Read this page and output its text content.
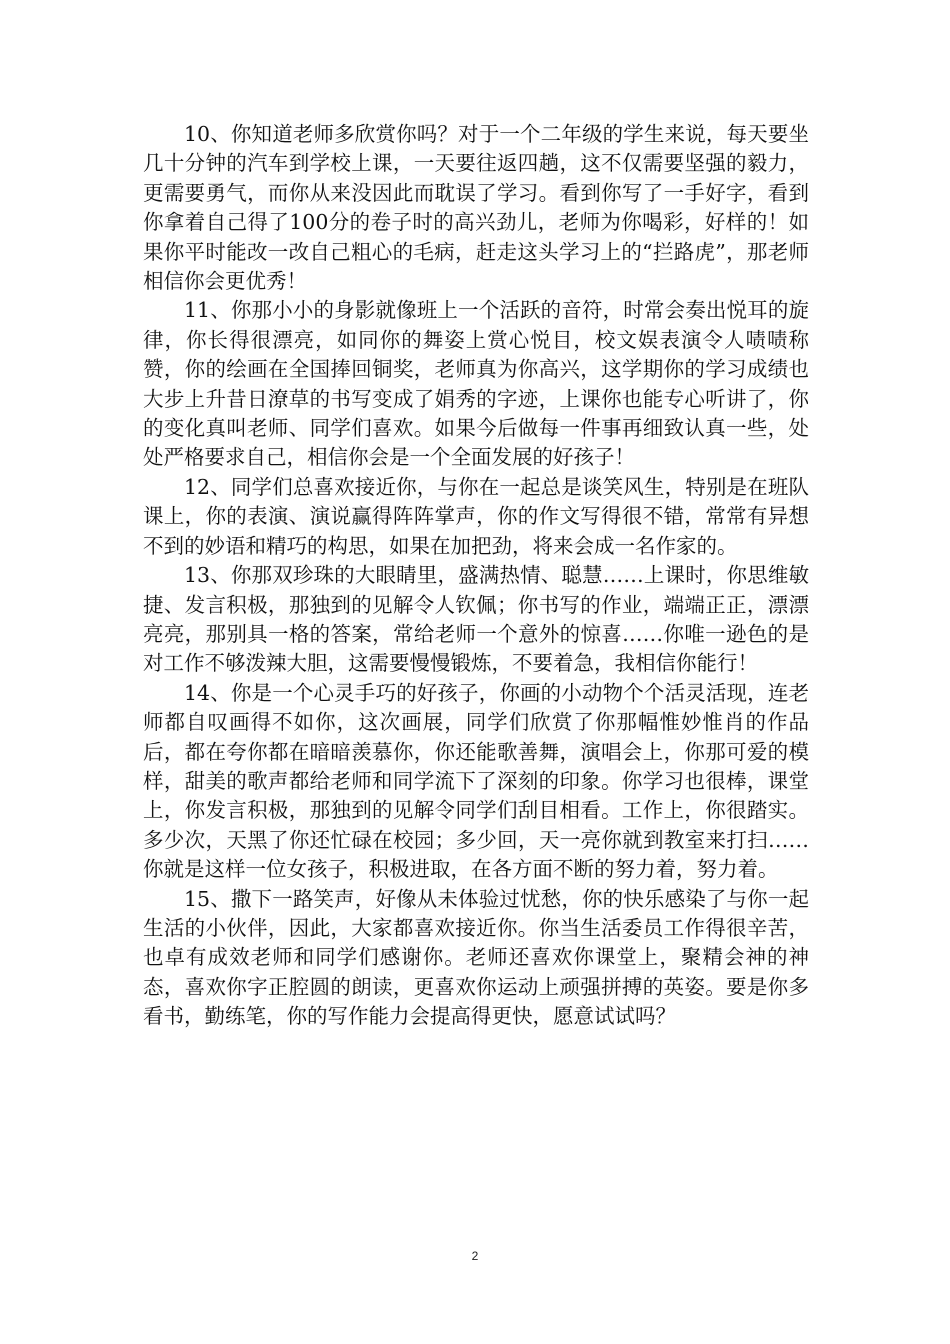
10、你知道老师多欣赏你吗？对于一个二年级的学生来说，每天要坐几十分钟的汽车到学校上课，一天要往返四趟，这不仅需要坚强的毅力，更需要勇气，而你从来没因此而耽误了学习。看到你写了一手好字，看到你拿着自己得了100分的卷子时的高兴劲儿，老师为你喝彩，好样的！如果你平时能改一改自己粗心的毛病，赶走这头学习上的“拦路虎”，那老师相信你会更优秀！

11、你那小小的身影就像班上一个活跃的音符，时常会奏出悦耳的旋律，你长得很漂亮，如同你的舞姿上赏心悦目，校文娱表演令人啧啧称赞，你的绘画在全国捧回铜奖，老师真为你高兴，这学期你的学习成绩也大步上升昔日潦草的书写变成了娟秀的字迹，上课你也能专心听讲了，你的变化真叫老师、同学们喜欢。如果今后做每一件事再细致认真一些，处处严格要求自己，相信你会是一个全面发展的好孩子！

12、同学们总喜欢接近你，与你在一起总是谈笑风生，特别是在班队课上，你的表演、演说赢得阵阵掌声，你的作文写得很不错，常常有异想不到的妙语和精巧的构思，如果在加把劲，将来会成一名作家的。

13、你那双珍珠的大眼睛里，盛满热情、聪慧……上课时，你思维敏捷、发言积极，那独到的见解令人钦佩；你书写的作业，端端正正，漂漂亮亮，那别具一格的答案，常给老师一个意外的惊喜……你唯一逊色的是对工作不够泼辣大胆，这需要慢慢锻炼，不要着急，我相信你能行！

14、你是一个心灵手巧的好孩子，你画的小动物个个活灵活现，连老师都自叹画得不如你，这次画展，同学们欣赏了你那幅惟妙惟肖的作品后，都在夸你都在暗暗羡慕你，你还能歌善舞，演唱会上，你那可爱的模样，甜美的歌声都给老师和同学流下了深刻的印象。你学习也很棒，课堂上，你发言积极，那独到的见解令同学们刮目相看。工作上，你很踏实。多少次，天黑了你还忙碌在校园；多少回，天一亮你就到教室来打扫……你就是这样一位女孩子，积极进取，在各方面不断的努力着，努力着。

15、撒下一路笑声，好像从未体验过忧愁，你的快乐感染了与你一起生活的小伙伴，因此，大家都喜欢接近你。你当生活委员工作得很辛苦，也卓有成效老师和同学们感谢你。老师还喜欢你课堂上，聚精会神的神态，喜欢你字正腔圆的朗读，更喜欢你运动上顽强拼搏的英姿。要是你多看书，勤练笔，你的写作能力会提高得更快，愿意试试吗？

2
